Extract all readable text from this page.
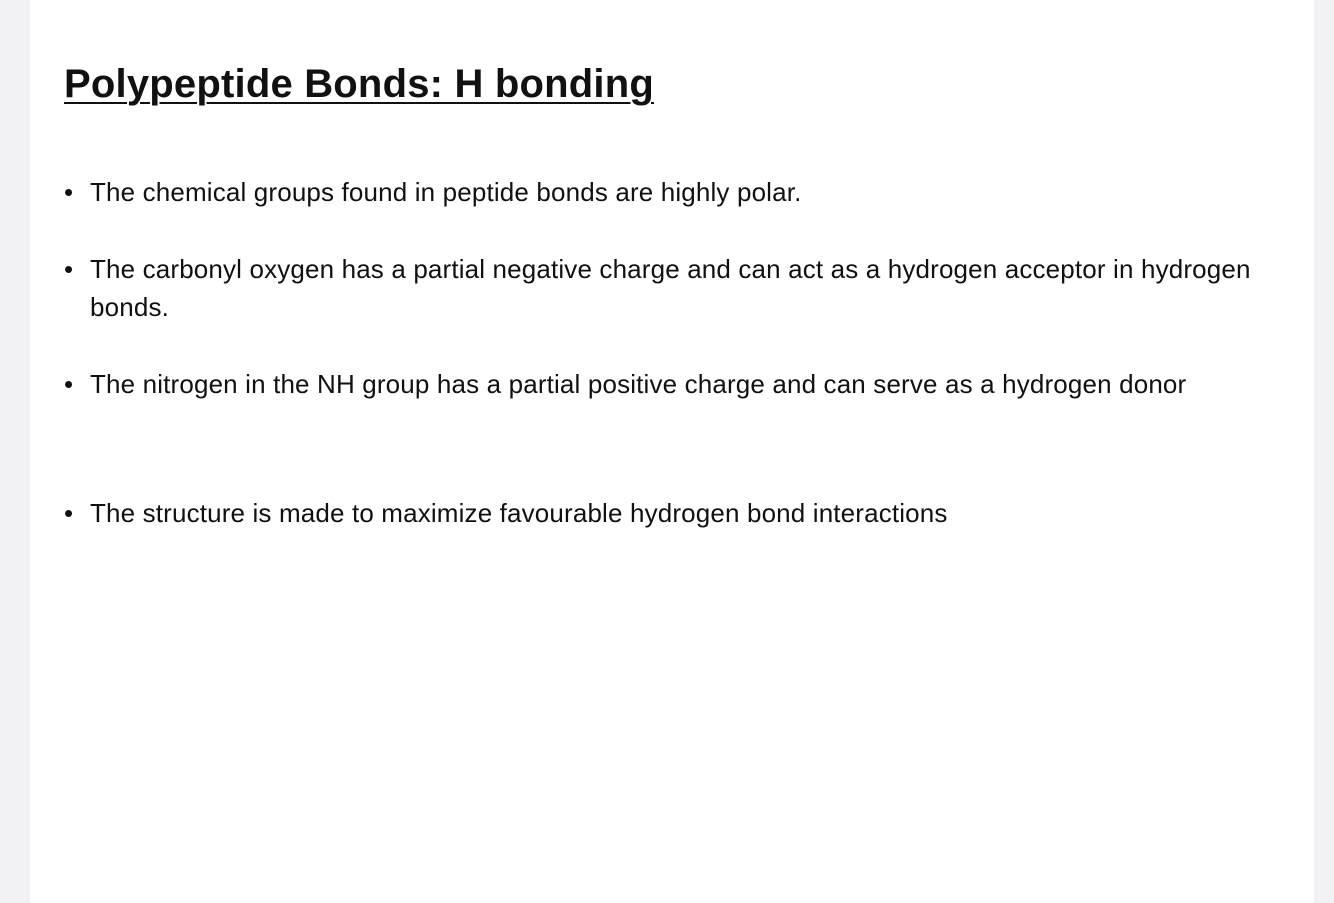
Polypeptide Bonds: H bonding
• The chemical groups found in peptide bonds are highly polar.
• The carbonyl oxygen has a partial negative charge and can act as a hydrogen acceptor in hydrogen bonds.
• The nitrogen in the NH group has a partial positive charge and can serve as a hydrogen donor
• The structure is made to maximize favourable hydrogen bond interactions
